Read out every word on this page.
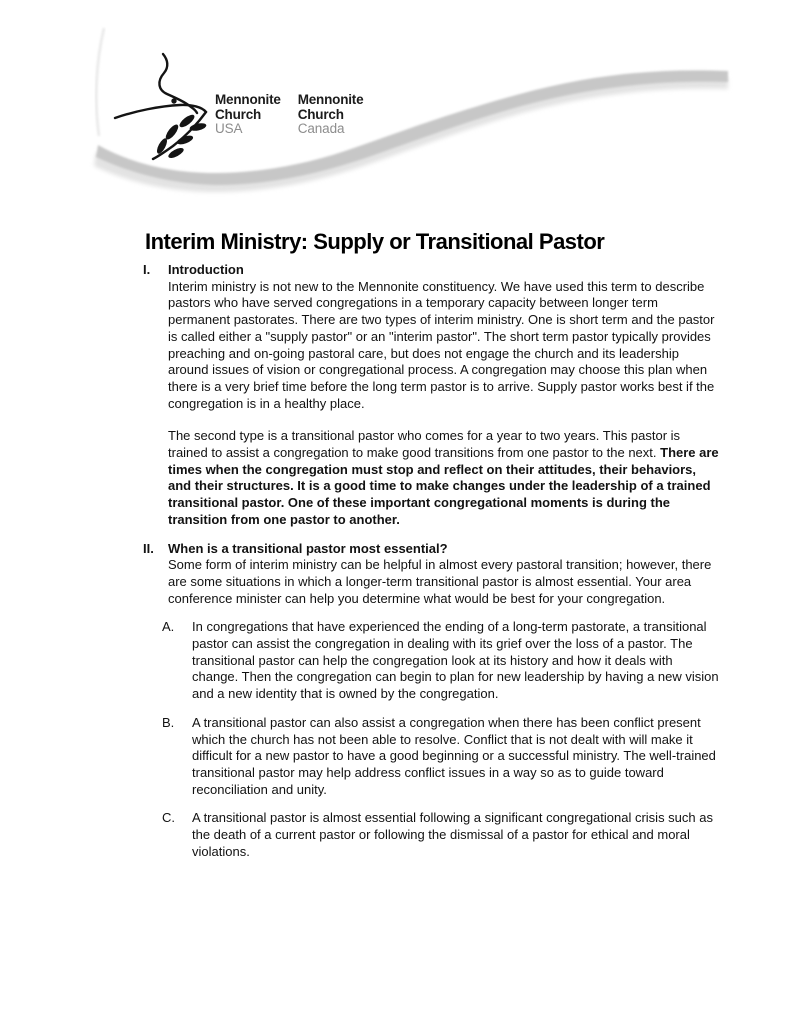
Mennonite
Church
USA
Mennonite
Church
Canada
Interim Ministry: Supply or Transitional Pastor
I.	Introduction

Interim ministry is not new to the Mennonite constituency. We have used this term to describe pastors who have served congregations in a temporary capacity between longer term permanent pastorates. There are two types of interim ministry. One is short term and the pastor is called either a "supply pastor" or an "interim pastor". The short term pastor typically provides preaching and on-going pastoral care, but does not engage the church and its leadership around issues of vision or congregational process. A congregation may choose this plan when there is a very brief time before the long term pastor is to arrive. Supply pastor works best if the congregation is in a healthy place.

The second type is a transitional pastor who comes for a year to two years. This pastor is trained to assist a congregation to make good transitions from one pastor to the next. There are times when the congregation must stop and reflect on their attitudes, their behaviors, and their structures. It is a good time to make changes under the leadership of a trained transitional pastor. One of these important congregational moments is during the transition from one pastor to another.

II.	When is a transitional pastor most essential?

Some form of interim ministry can be helpful in almost every pastoral transition; however, there are some situations in which a longer-term transitional pastor is almost essential. Your area conference minister can help you determine what would be best for your congregation.

A.	In congregations that have experienced the ending of a long-term pastorate, a transitional pastor can assist the congregation in dealing with its grief over the loss of a pastor. The transitional pastor can help the congregation look at its history and how it deals with change. Then the congregation can begin to plan for new leadership by having a new vision and a new identity that is owned by the congregation.
B.	A transitional pastor can also assist a congregation when there has been conflict present which the church has not been able to resolve. Conflict that is not dealt with will make it difficult for a new pastor to have a good beginning or a successful ministry. The well-trained transitional pastor may help address conflict issues in a way so as to guide toward reconciliation and unity.
C.	A transitional pastor is almost essential following a significant congregational crisis such as the death of a current pastor or following the dismissal of a pastor for ethical and moral violations.
